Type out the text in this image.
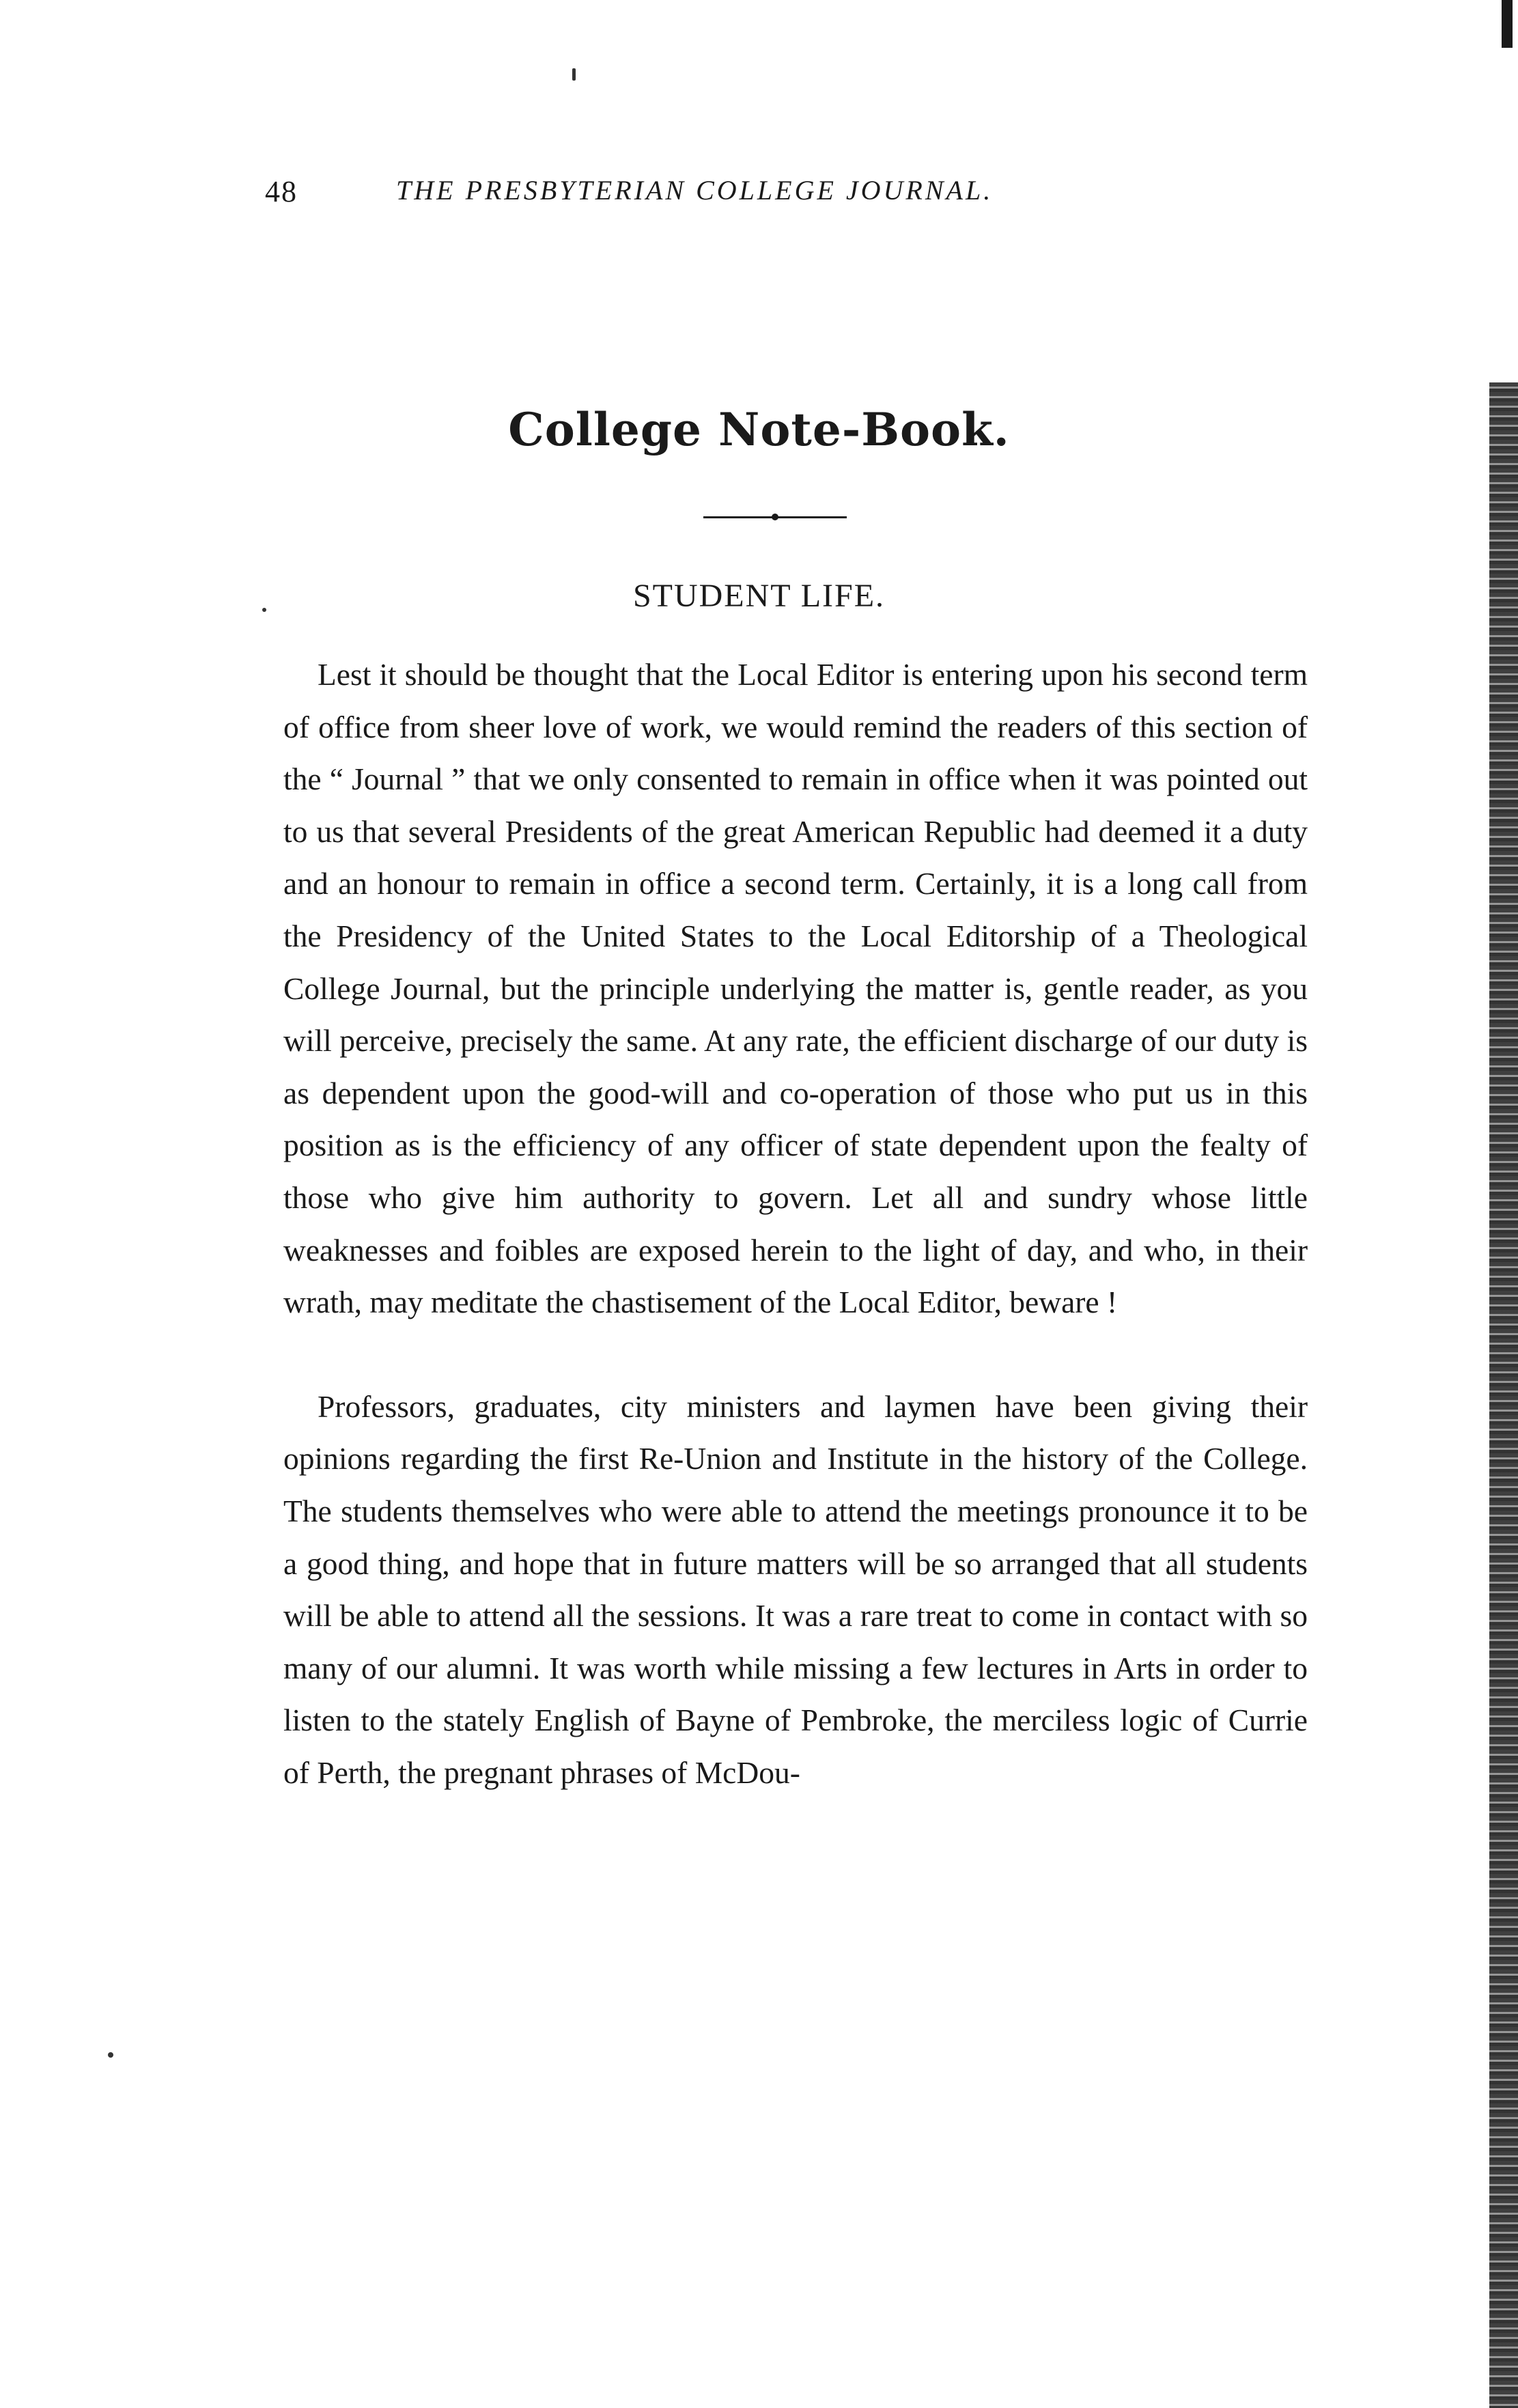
48	THE PRESBYTERIAN COLLEGE JOURNAL.
College Note-Book.
STUDENT LIFE.

Lest it should be thought that the Local Editor is entering upon his second term of office from sheer love of work, we would remind the readers of this section of the “ Journal ” that we only consented to remain in office when it was pointed out to us that several Presidents of the great American Republic had deemed it a duty and an honour to remain in office a second term. Certainly, it is a long call from the Presidency of the United States to the Local Editorship of a Theological College Journal, but the principle underlying the matter is, gentle reader, as you will perceive, precisely the same. At any rate, the efficient discharge of our duty is as dependent upon the good-will and co-operation of those who put us in this position as is the efficiency of any officer of state dependent upon the fealty of those who give him authority to govern. Let all and sundry whose little weaknesses and foibles are exposed herein to the light of day, and who, in their wrath, may meditate the chastisement of the Local Editor, beware !

Professors, graduates, city ministers and laymen have been giving their opinions regarding the first Re-Union and Institute in the history of the College. The students themselves who were able to attend the meetings pronounce it to be a good thing, and hope that in future matters will be so arranged that all students will be able to attend all the sessions. It was a rare treat to come in contact with so many of our alumni. It was worth while missing a few lectures in Arts in order to listen to the stately English of Bayne of Pembroke, the merciless logic of Currie of Perth, the pregnant phrases of McDou-
